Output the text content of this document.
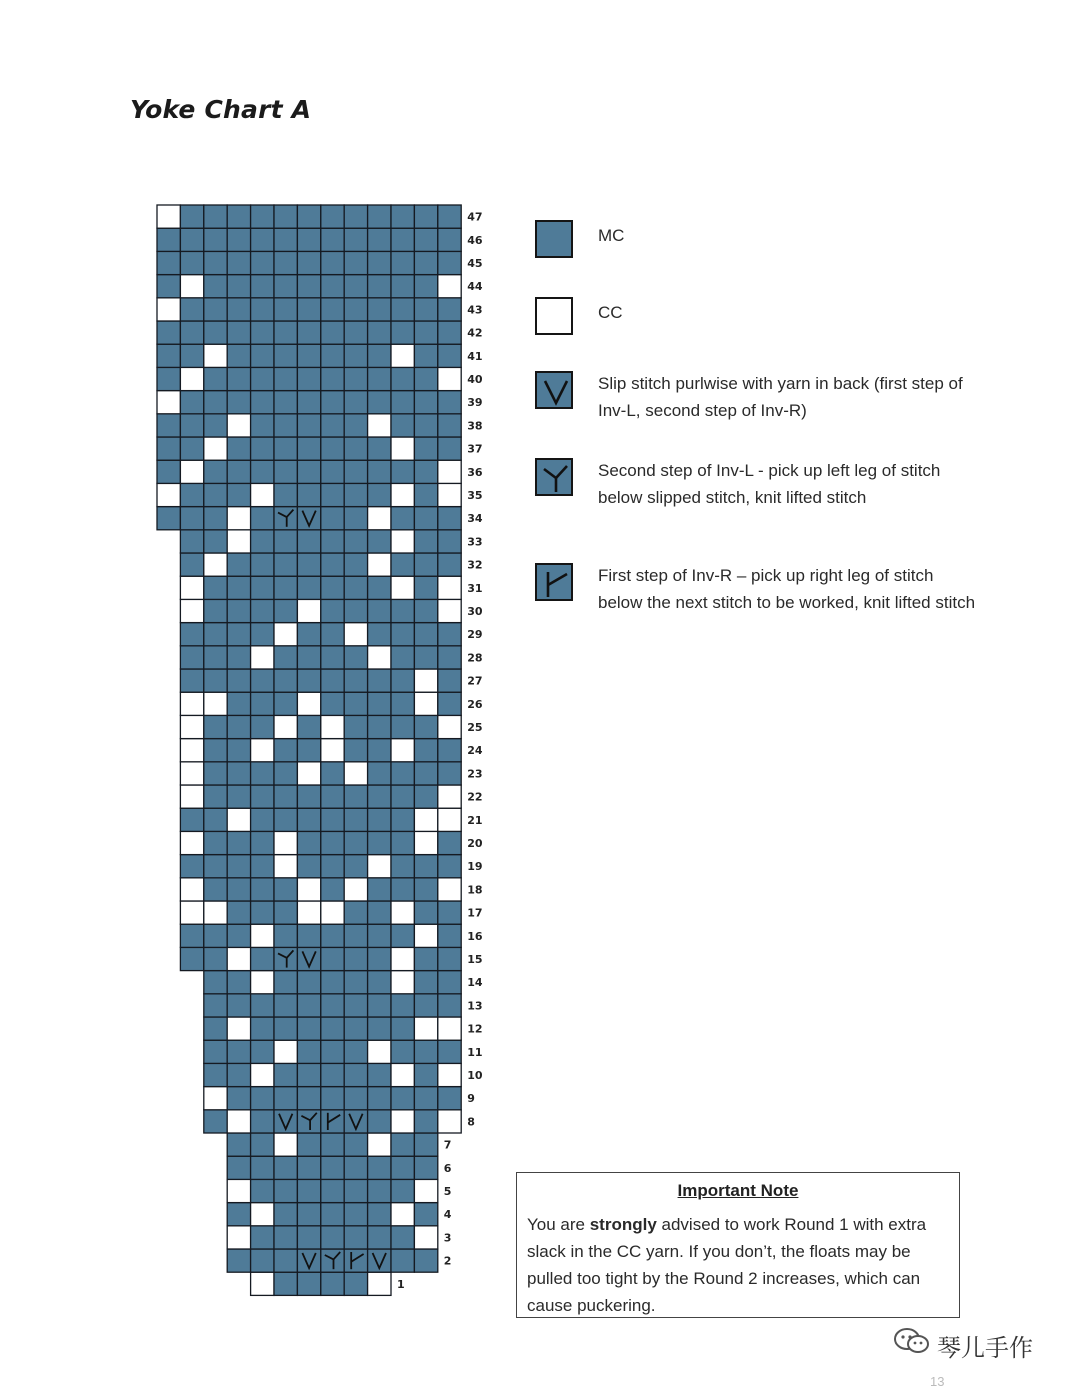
Yoke Chart A
1
2
3
4
5
6
7
8
9
10
11
12
13
14
15
16
17
18
19
20
21
22
23
24
25
26
27
28
29
30
31
32
33
34
35
36
37
38
39
40
41
42
43
44
45
46
47
MC
CC
Slip stitch purlwise with yarn in back (first step of Inv-L, second step of Inv-R)
Second step of Inv-L - pick up left leg of stitch below slipped stitch, knit lifted stitch
First step of Inv-R – pick up right leg of stitch below the next stitch to be worked, knit lifted stitch
Important Note
You are strongly advised to work Round 1 with extra slack in the CC yarn. If you don’t, the floats may be pulled too tight by the Round 2 increases, which can cause puckering.
琴儿手作
13
